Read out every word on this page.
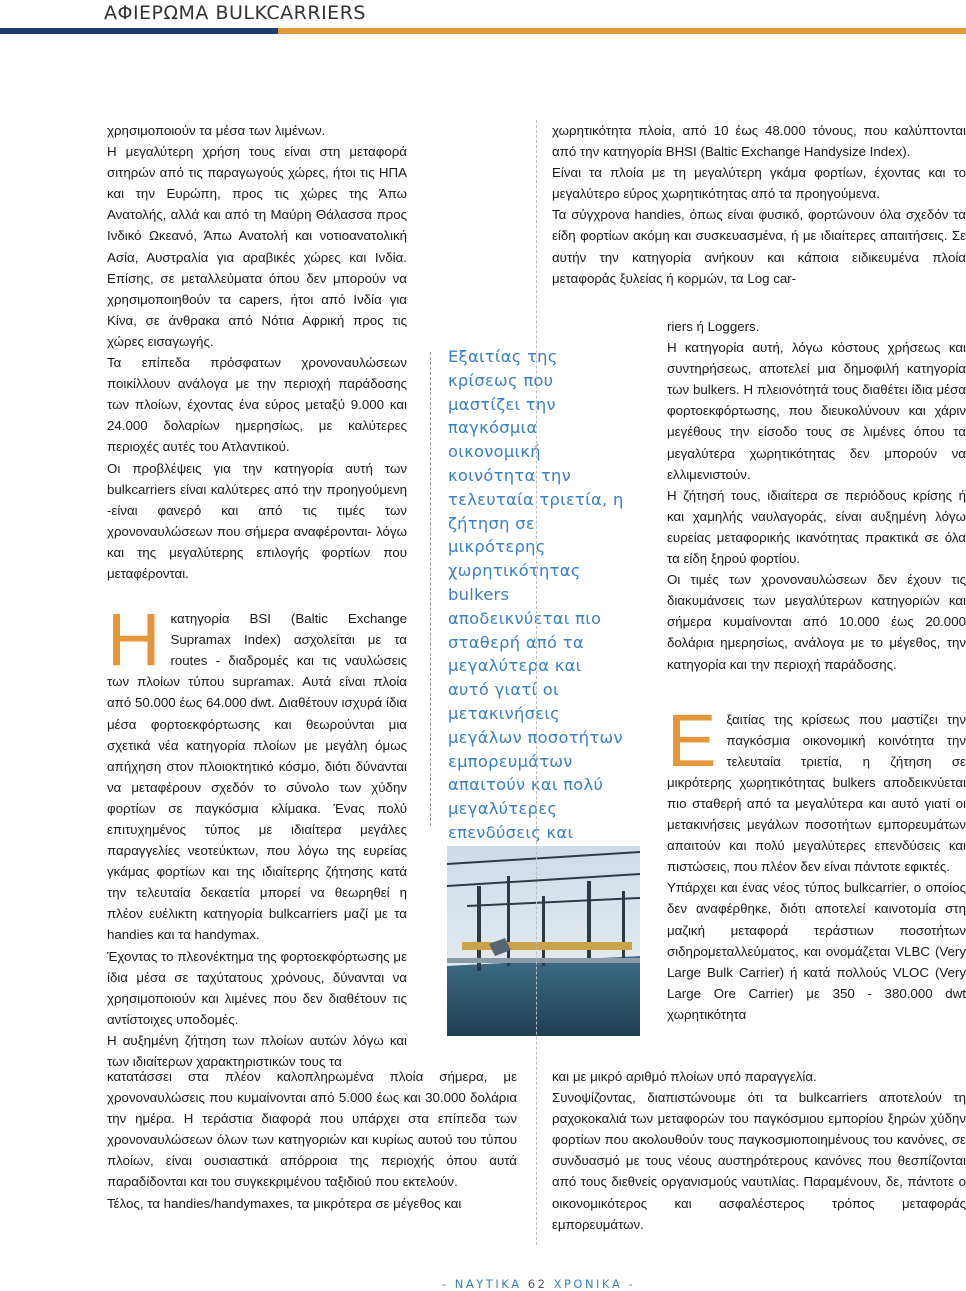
ΑΦΙΕΡΩΜΑ BULKCARRIERS

χρησιμοποιούν τα μέσα των λιμένων.

Η μεγαλύτερη χρήση τους είναι στη μεταφορά σιτηρών από τις παραγωγούς χώρες, ήτοι τις ΗΠΑ και την Ευρώπη, προς τις χώρες της Άπω Ανατολής, αλλά και από τη Μαύρη Θάλασσα προς Ινδικό Ωκεανό, Άπω Ανατολή και νοτιοανατολική Ασία, Αυστραλία για αραβικές χώρες και Ινδία. Επίσης, σε μεταλλεύματα όπου δεν μπορούν να χρησιμοποιηθούν τα capers, ήτοι από Ινδία για Κίνα, σε άνθρακα από Νότια Αφρική προς τις χώρες εισαγωγής.

Τα επίπεδα πρόσφατων χρονοναυλώσεων ποικίλλουν ανάλογα με την περιοχή παράδοσης των πλοίων, έχοντας ένα εύρος μεταξύ 9.000 και 24.000 δολαρίων ημερησίως, με καλύτερες περιοχές αυτές του Ατλαντικού.

Οι προβλέψεις για την κατηγορία αυτή των bulkcarriers είναι καλύτερες από την προηγούμενη -είναι φανερό και από τις τιμές των χρονοναυλώσεων που σήμερα αναφέρονται- λόγω και της μεγαλύτερης επιλογής φορτίων που μεταφέρονται.

Ηκατηγορία BSI (Baltic Exchange Supramax Index) ασχολείται με τα routes - διαδρομές και τις ναυλώσεις των πλοίων τύπου supramax. Αυτά είναι πλοία από 50.000 έως 64.000 dwt. Διαθέτουν ισχυρά ίδια μέσα φορτοεκφόρτωσης και θεωρούνται μια σχετικά νέα κατηγορία πλοίων με μεγάλη όμως απήχηση στον πλοιοκτητικό κόσμο, διότι δύνανται να μεταφέρουν σχεδόν το σύνολο των χύδην φορτίων σε παγκόσμια κλίμακα. Ένας πολύ επιτυχημένος τύπος με ιδιαίτερα μεγάλες παραγγελίες νεοτεύκτων, που λόγω της ευρείας γκάμας φορτίων και της ιδιαίτερης ζήτησης κατά την τελευταία δεκαετία μπορεί να θεωρηθεί η πλέον ευέλικτη κατηγορία bulkcarriers μαζί με τα handies και τα handymax.

Έχοντας το πλεονέκτημα της φορτοεκφόρτωσης με ίδια μέσα σε ταχύτατους χρόνους, δύνανται να χρησιμοποιούν και λιμένες που δεν διαθέτουν τις αντίστοιχες υποδομές.

Η αυξημένη ζήτηση των πλοίων αυτών λόγω και των ιδιαίτερων χαρακτηριστικών τους τα

κατατάσσει στα πλέον καλοπληρωμένα πλοία σήμερα, με χρονοναυλώσεις που κυμαίνονται από 5.000 έως και 30.000 δολάρια την ημέρα. Η τεράστια διαφορά που υπάρχει στα επίπεδα των χρονοναυλώσεων όλων των κατηγοριών και κυρίως αυτού του τύπου πλοίων, είναι ουσιαστικά απόρροια της περιοχής όπου αυτά παραδίδονται και του συγκεκριμένου ταξιδιού που εκτελούν.

Τέλος, τα handies/handymaxes, τα μικρότερα σε μέγεθος και

Εξαιτίας της κρίσεως που μαστίζει την παγκόσμια οικονομική κοινότητα την τελευταία τριετία, η ζήτηση σε μικρότερης χωρητικότητας bulkers αποδεικνύεται πιο σταθερή από τα μεγαλύτερα και αυτό γιατί οι μετακινήσεις μεγάλων ποσοτήτων εμπορευμάτων απαιτούν και πολύ μεγαλύτερες επενδύσεις και

χωρητικότητα πλοία, από 10 έως 48.000 τόνους, που καλύπτονται από την κατηγορία BHSI (Baltic Exchange Handysize Index).

Είναι τα πλοία με τη μεγαλύτερη γκάμα φορτίων, έχοντας και το μεγαλύτερο εύρος χωρητικότητας από τα προηγούμενα.

Τα σύγχρονα handies, όπως είναι φυσικό, φορτώνουν όλα σχεδόν τα είδη φορτίων ακόμη και συσκευασμένα, ή με ιδιαίτερες απαιτήσεις. Σε αυτήν την κατηγορία ανήκουν και κάποια ειδικευμένα πλοία μεταφοράς ξυλείας ή κορμών, τα Log car-

riers ή Loggers.

Η κατηγορία αυτή, λόγω κόστους χρήσεως και συντηρήσεως, αποτελεί μια δημοφιλή κατηγορία των bulkers. Η πλειονότητά τους διαθέτει ίδια μέσα φορτοεκφόρτωσης, που διευκολύνουν και χάριν μεγέθους την είσοδο τους σε λιμένες όπου τα μεγαλύτερα χωρητικότητας δεν μπορούν να ελλιμενιστούν.

Η ζήτησή τους, ιδιαίτερα σε περιόδους κρίσης ή και χαμηλής ναυλαγοράς, είναι αυξημένη λόγω ευρείας μεταφορικής ικανότητας πρακτικά σε όλα τα είδη ξηρού φορτίου.

Οι τιμές των χρονοναυλώσεων δεν έχουν τις διακυμάνσεις των μεγαλύτερων κατηγοριών και σήμερα κυμαίνονται από 10.000 έως 20.000 δολάρια ημερησίως, ανάλογα με το μέγεθος, την κατηγορία και την περιοχή παράδοσης.

Εξαιτίας της κρίσεως που μαστίζει την παγκόσμια οικονομική κοινότητα την τελευταία τριετία, η ζήτηση σε μικρότερης χωρητικότητας bulkers αποδεικνύεται πιο σταθερή από τα μεγαλύτερα και αυτό γιατί οι μετακινήσεις μεγάλων ποσοτήτων εμπορευμάτων απαιτούν και πολύ μεγαλύτερες επενδύσεις και πιστώσεις, που πλέον δεν είναι πάντοτε εφικτές.

Υπάρχει και ένας νέος τύπος bulkcarrier, ο οποίος δεν αναφέρθηκε, διότι αποτελεί καινοτομία στη μαζική μεταφορά τεράστιων ποσοτήτων σιδηρομεταλλεύματος, και ονομάζεται VLBC (Very Large Bulk Carrier) ή κατά πολλούς VLOC (Very Large Ore Carrier) με 350 - 380.000 dwt χωρητικότητα

και με μικρό αριθμό πλοίων υπό παραγγελία.

Συνοψίζοντας, διαπιστώνουμε ότι τα bulkcarriers αποτελούν τη ραχοκοκαλιά των μεταφορών του παγκόσμιου εμπορίου ξηρών χύδην φορτίων που ακολουθούν τους παγκοσμιοποιημένους του κανόνες, σε συνδυασμό με τους νέους αυστηρότερους κανόνες που θεσπίζονται από τους διεθνείς οργανισμούς ναυτιλίας. Παραμένουν, δε, πάντοτε ο οικονομικότερος και ασφαλέστερος τρόπος μεταφοράς εμπορευμάτων.

- ΝΑΥΤΙΚΑ 62 ΧΡΟΝΙΚΑ -
